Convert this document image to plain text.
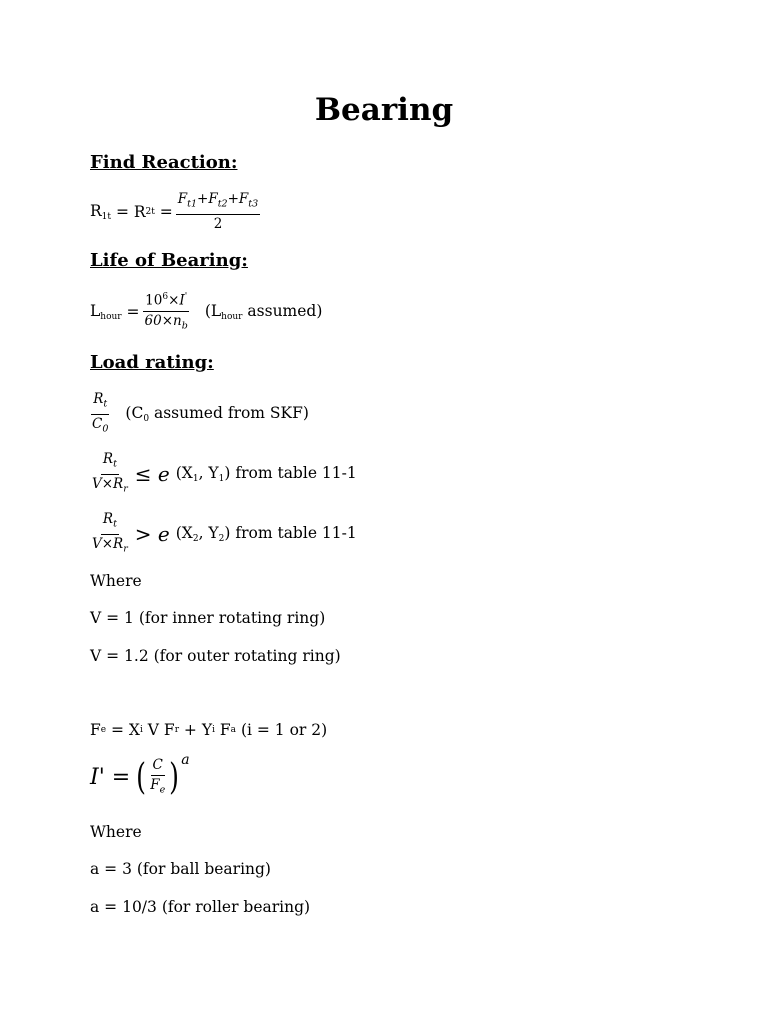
Bearing
Find Reaction:
R1t = R $2t = \frac{F_{t1}+F_{t2}+F_{t3}}{2}$
Life of Bearing:
Lhour = $\frac{10^6\times I'}{60\times n_b}$ (Lhour assumed)
Load rating:
$\frac{R_t}{C_0} (C0$ assumed from SKF)
$\frac{R_t}{V\times R_r} \le e$ (X1, Y1) from table 11-1
$\frac{R_t}{V\times R_r} > e$ (X2, Y2) from table 11-1
Where
V = 1 (for inner rotating ring)
V = 1.2 (for outer rotating ring)
F e = X i V F r + Y i F a (i = 1 or 2)
I' = ( $\frac{C}{F_e}$ ) a
Where
a = 3 (for ball bearing)
a = 10/3 (for roller bearing)
